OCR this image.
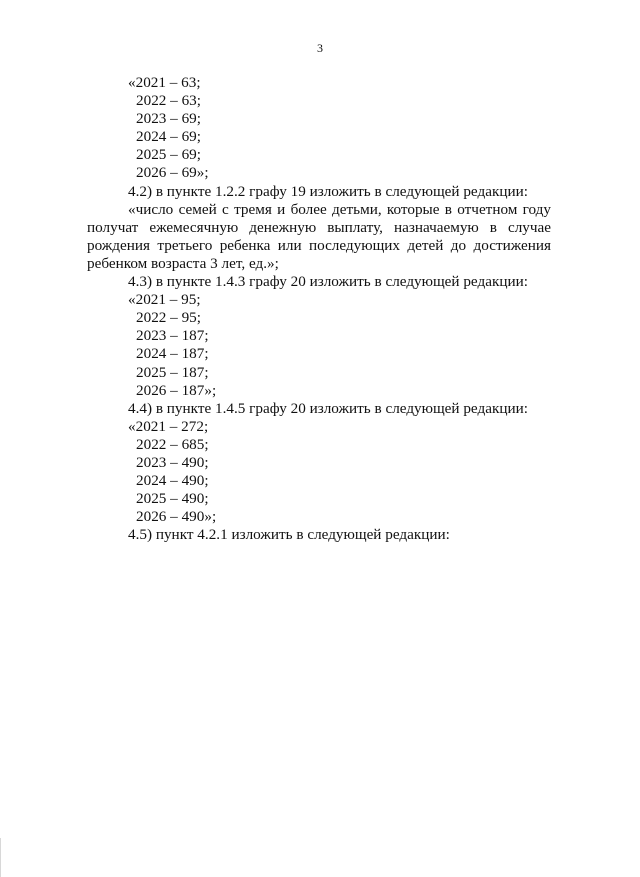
3
«2021 – 63;
2022 – 63;
2023 – 69;
2024 – 69;
2025 – 69;
2026 – 69»;
4.2) в пункте 1.2.2 графу 19 изложить в следующей редакции:
«число семей с тремя и более детьми, которые в отчетном году получат ежемесячную денежную выплату, назначаемую в случае рождения третьего ребенка или последующих детей до достижения ребенком возраста 3 лет, ед.»;
4.3) в пункте 1.4.3 графу 20 изложить в следующей редакции:
«2021 – 95;
2022 – 95;
2023 – 187;
2024 – 187;
2025 – 187;
2026 – 187»;
4.4) в пункте 1.4.5 графу 20 изложить в следующей редакции:
«2021 – 272;
2022 – 685;
2023 – 490;
2024 – 490;
2025 – 490;
2026 – 490»;
4.5) пункт 4.2.1 изложить в следующей редакции:
